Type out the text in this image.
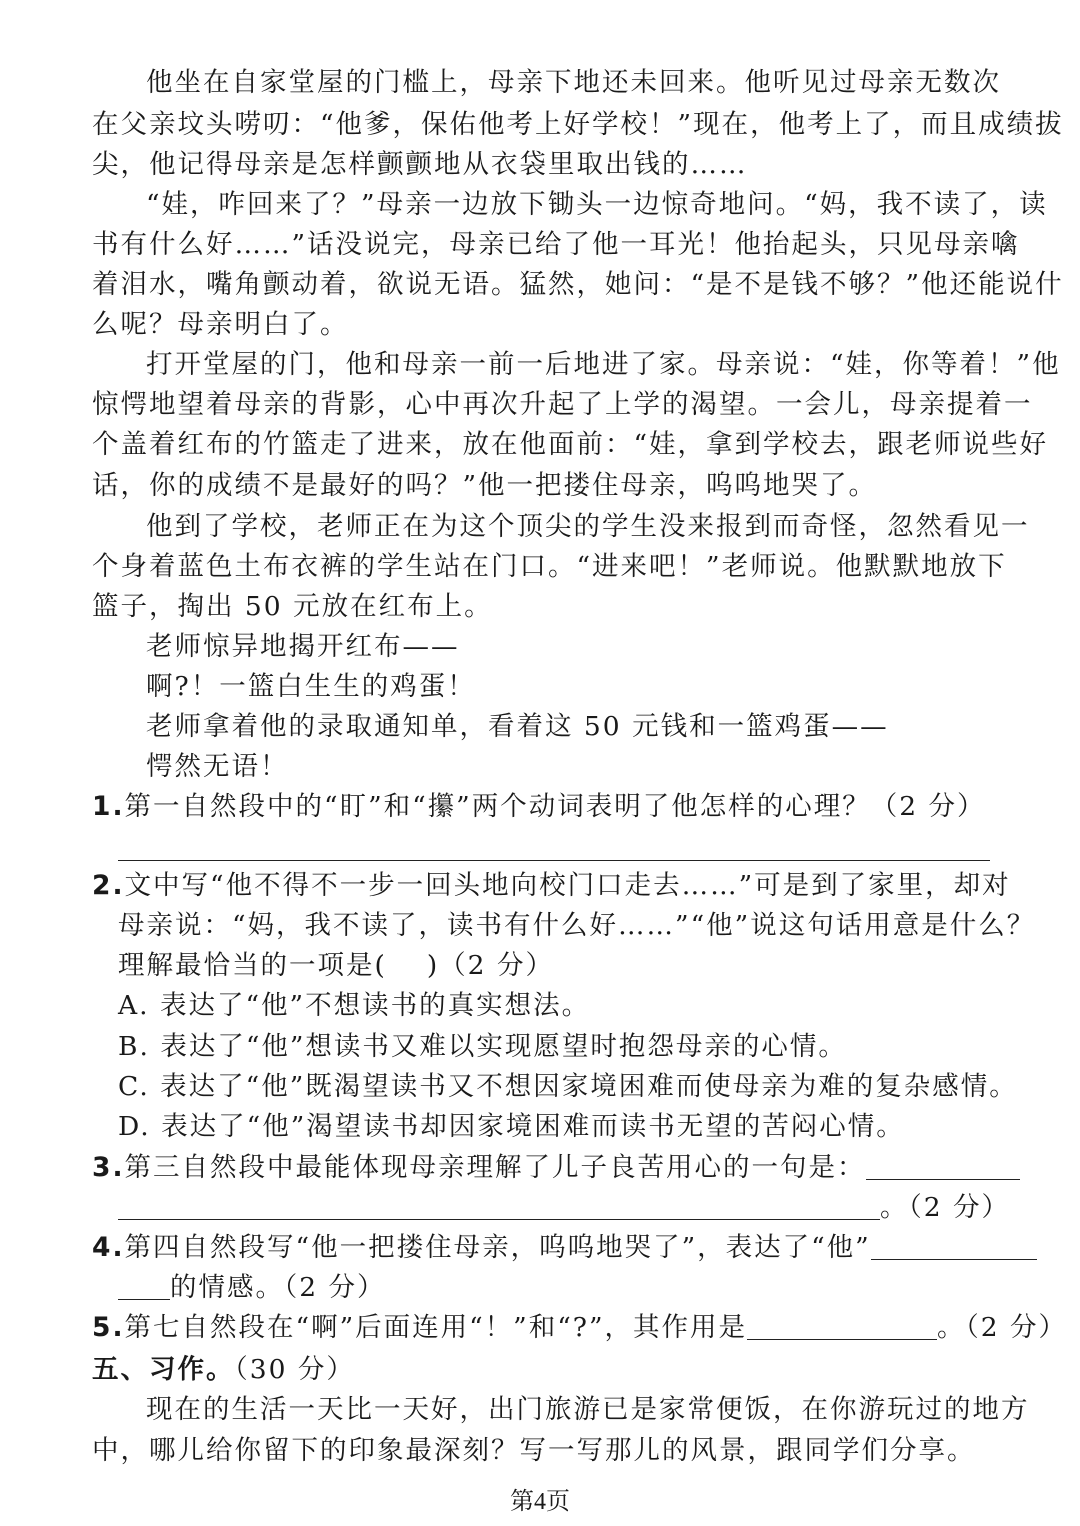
他坐在自家堂屋的门槛上，母亲下地还未回来。他听见过母亲无数次

在父亲坟头唠叨：“他爹，保佑他考上好学校！”现在，他考上了，而且成绩拔

尖，他记得母亲是怎样颤颤地从衣袋里取出钱的……

“娃，咋回来了？”母亲一边放下锄头一边惊奇地问。“妈，我不读了，读

书有什么好……”话没说完，母亲已给了他一耳光！他抬起头，只见母亲噙

着泪水，嘴角颤动着，欲说无语。猛然，她问：“是不是钱不够？”他还能说什

么呢？母亲明白了。

打开堂屋的门，他和母亲一前一后地进了家。母亲说：“娃，你等着！”他

惊愕地望着母亲的背影，心中再次升起了上学的渴望。一会儿，母亲提着一

个盖着红布的竹篮走了进来，放在他面前：“娃，拿到学校去，跟老师说些好

话，你的成绩不是最好的吗？”他一把搂住母亲，呜呜地哭了。

他到了学校，老师正在为这个顶尖的学生没来报到而奇怪，忽然看见一

个身着蓝色土布衣裤的学生站在门口。“进来吧！”老师说。他默默地放下

篮子，掏出 50 元放在红布上。

老师惊异地揭开红布——

啊?！一篮白生生的鸡蛋！

老师拿着他的录取通知单，看着这 50 元钱和一篮鸡蛋——

愕然无语！

1.第一自然段中的“盯”和“攥”两个动词表明了他怎样的心理？（2 分）

2.文中写“他不得不一步一回头地向校门口走去……”可是到了家里，却对

母亲说：“妈，我不读了，读书有什么好……”“他”说这句话用意是什么？

理解最恰当的一项是( )（2 分）

A. 表达了“他”不想读书的真实想法。

B. 表达了“他”想读书又难以实现愿望时抱怨母亲的心情。

C. 表达了“他”既渴望读书又不想因家境困难而使母亲为难的复杂感情。

D. 表达了“他”渴望读书却因家境困难而读书无望的苦闷心情。

3.第三自然段中最能体现母亲理解了儿子良苦用心的一句是：

。（2 分）

4.第四自然段写“他一把搂住母亲，呜呜地哭了”，表达了“他”

的情感。（2 分）

5.第七自然段在“啊”后面连用“！”和“?”，其作用是	。（2 分）

五、习作。（30 分）

现在的生活一天比一天好，出门旅游已是家常便饭，在你游玩过的地方

中，哪儿给你留下的印象最深刻？写一写那儿的风景，跟同学们分享。

第4页
